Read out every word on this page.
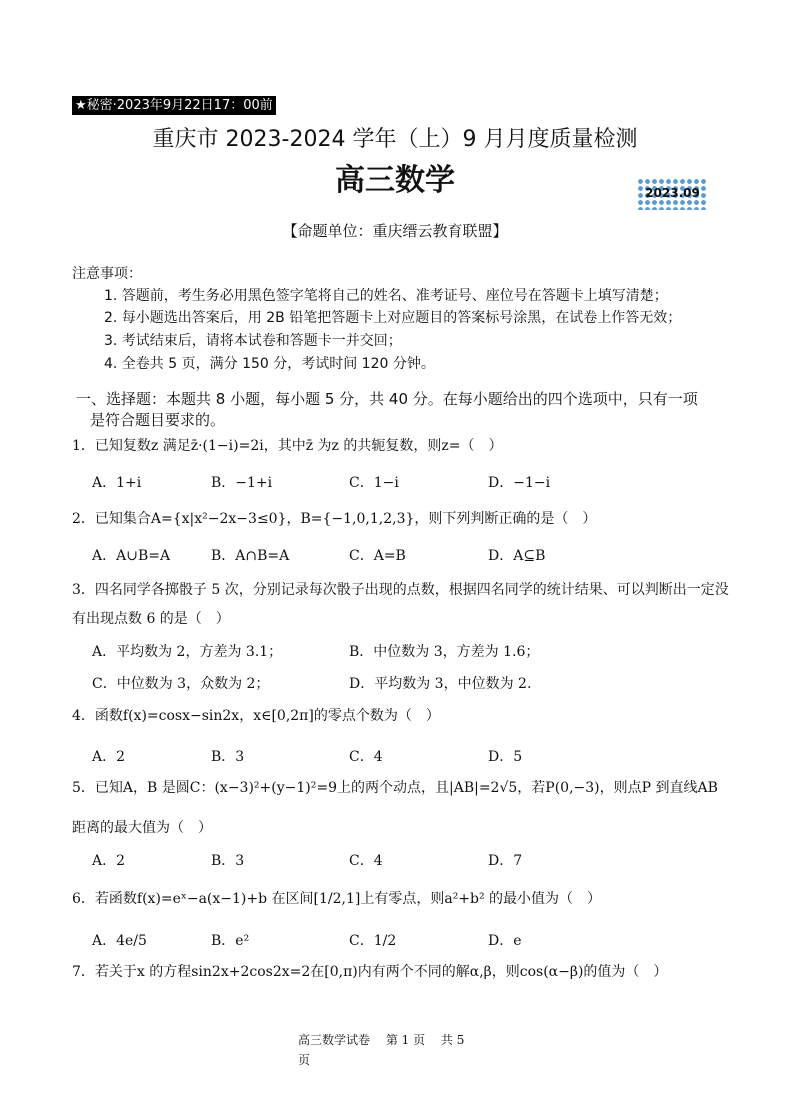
★秘密·2023年9月22日17：00前
重庆市 2023-2024 学年（上）9 月月度质量检测
高三数学	2023.09
【命题单位：重庆缙云教育联盟】
注意事项：
1. 答题前，考生务必用黑色签字笔将自己的姓名、准考证号、座位号在答题卡上填写清楚；
2. 每小题选出答案后，用 2B 铅笔把答题卡上对应题目的答案标号涂黑，在试卷上作答无效；
3. 考试结束后，请将本试卷和答题卡一并交回；
4. 全卷共 5 页，满分 150 分，考试时间 120 分钟。
一、选择题：本题共 8 小题，每小题 5 分，共 40 分。在每小题给出的四个选项中，只有一项
是符合题目要求的。
1．已知复数z 满足z̄·(1−i)=2i，其中z̄ 为z 的共轭复数，则z=（　）
A．1+i	B．−1+i	C．1−i	D．−1−i
2．已知集合A={x|x²−2x−3≤0}，B={−1,0,1,2,3}，则下列判断正确的是（　）
A．A∪B=A	B．A∩B=A	C．A=B	D．A⊆B
3．四名同学各掷骰子 5 次，分别记录每次骰子出现的点数，根据四名同学的统计结果、可以判断出一定没
有出现点数 6 的是（　）
A．平均数为 2，方差为 3.1；	B．中位数为 3，方差为 1.6；
C．中位数为 3，众数为 2；	D．平均数为 3，中位数为 2.
4．函数f(x)=cosx−sin2x，x∈[0,2π]的零点个数为（　）
A．2	B．3	C．4	D．5
5．已知A，B 是圆C：(x−3)²+(y−1)²=9上的两个动点，且|AB|=2√5，若P(0,−3)，则点P 到直线AB
距离的最大值为（　）
A．2	B．3	C．4	D．7
6．若函数f(x)=eˣ−a(x−1)+b 在区间[1/2,1]上有零点，则a²+b² 的最小值为（　）
A．4e/5	B．e²	C．1/2	D．e
7．若关于x 的方程sin2x+2cos2x=2在[0,π)内有两个不同的解α,β，则cos(α−β)的值为（　）
高三数学试卷　 第 1 页　 共 5
页
